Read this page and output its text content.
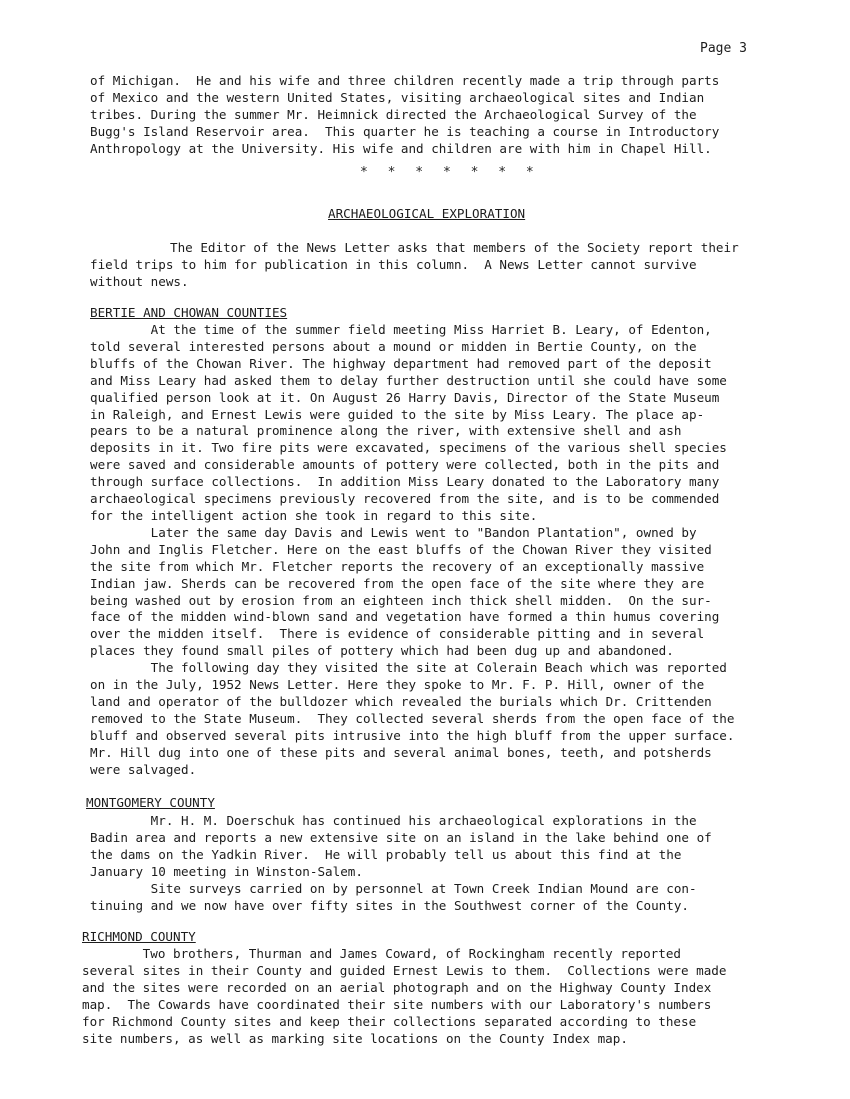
Page 3
of Michigan.  He and his wife and three children recently made a trip through parts
of Mexico and the western United States, visiting archaeological sites and Indian
tribes. During the summer Mr. Heimnick directed the Archaeological Survey of the
Bugg's Island Reservoir area.  This quarter he is teaching a course in Introductory
Anthropology at the University. His wife and children are with him in Chapel Hill.
* * * * * * *
ARCHAEOLOGICAL EXPLORATION
The Editor of the News Letter asks that members of the Society report their
field trips to him for publication in this column.  A News Letter cannot survive
without news.
BERTIE AND CHOWAN COUNTIES
At the time of the summer field meeting Miss Harriet B. Leary, of Edenton,
told several interested persons about a mound or midden in Bertie County, on the
bluffs of the Chowan River. The highway department had removed part of the deposit
and Miss Leary had asked them to delay further destruction until she could have some
qualified person look at it. On August 26 Harry Davis, Director of the State Museum
in Raleigh, and Ernest Lewis were guided to the site by Miss Leary. The place ap-
pears to be a natural prominence along the river, with extensive shell and ash
deposits in it. Two fire pits were excavated, specimens of the various shell species
were saved and considerable amounts of pottery were collected, both in the pits and
through surface collections.  In addition Miss Leary donated to the Laboratory many
archaeological specimens previously recovered from the site, and is to be commended
for the intelligent action she took in regard to this site.
Later the same day Davis and Lewis went to "Bandon Plantation", owned by
John and Inglis Fletcher. Here on the east bluffs of the Chowan River they visited
the site from which Mr. Fletcher reports the recovery of an exceptionally massive
Indian jaw. Sherds can be recovered from the open face of the site where they are
being washed out by erosion from an eighteen inch thick shell midden.  On the sur-
face of the midden wind-blown sand and vegetation have formed a thin humus covering
over the midden itself.  There is evidence of considerable pitting and in several
places they found small piles of pottery which had been dug up and abandoned.
The following day they visited the site at Colerain Beach which was reported
on in the July, 1952 News Letter. Here they spoke to Mr. F. P. Hill, owner of the
land and operator of the bulldozer which revealed the burials which Dr. Crittenden
removed to the State Museum.  They collected several sherds from the open face of the
bluff and observed several pits intrusive into the high bluff from the upper surface.
Mr. Hill dug into one of these pits and several animal bones, teeth, and potsherds
were salvaged.
MONTGOMERY COUNTY
Mr. H. M. Doerschuk has continued his archaeological explorations in the
Badin area and reports a new extensive site on an island in the lake behind one of
the dams on the Yadkin River.  He will probably tell us about this find at the
January 10 meeting in Winston-Salem.
Site surveys carried on by personnel at Town Creek Indian Mound are con-
tinuing and we now have over fifty sites in the Southwest corner of the County.
RICHMOND COUNTY
Two brothers, Thurman and James Coward, of Rockingham recently reported
several sites in their County and guided Ernest Lewis to them.  Collections were made
and the sites were recorded on an aerial photograph and on the Highway County Index
map.  The Cowards have coordinated their site numbers with our Laboratory's numbers
for Richmond County sites and keep their collections separated according to these
site numbers, as well as marking site locations on the County Index map.
